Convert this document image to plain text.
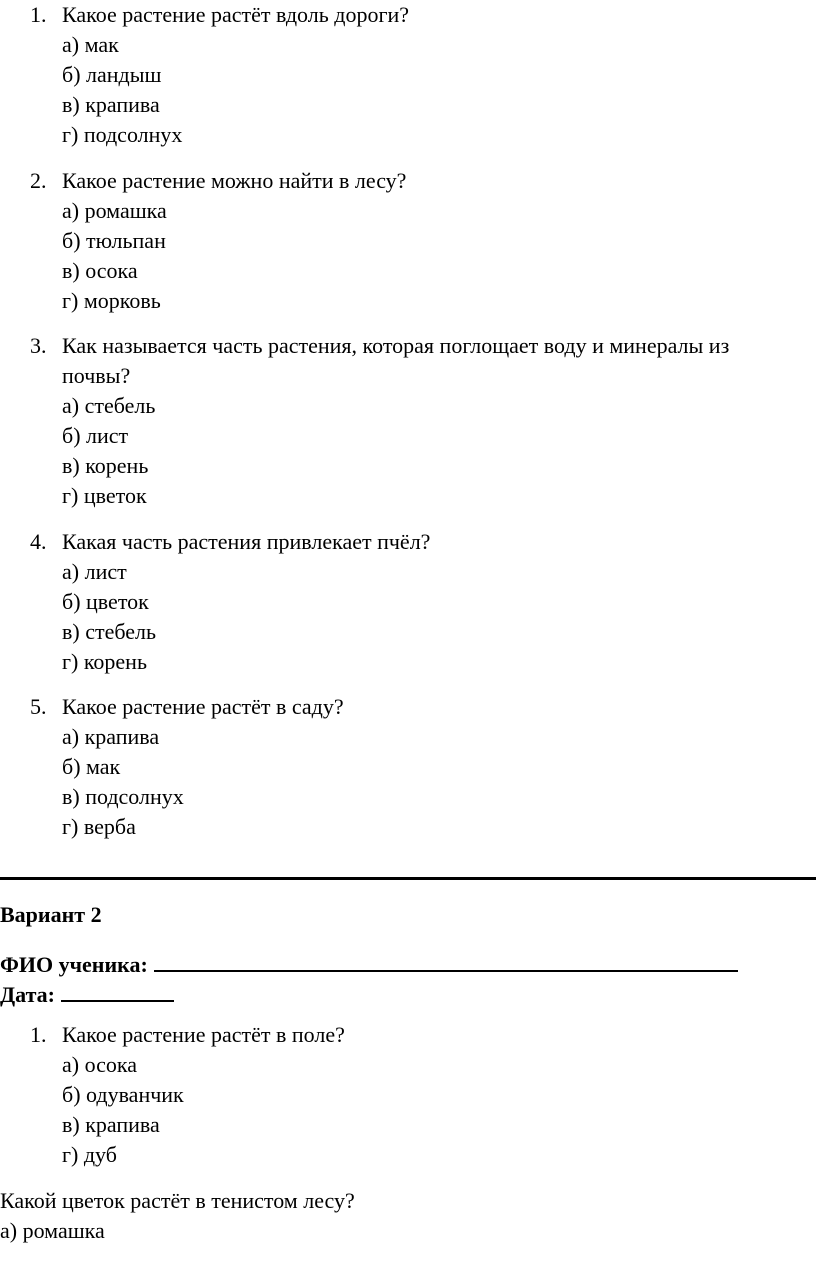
1. Какое растение растёт вдоль дороги?
а) мак
б) ландыш
в) крапива
г) подсолнух
2. Какое растение можно найти в лесу?
а) ромашка
б) тюльпан
в) осока
г) морковь
3. Как называется часть растения, которая поглощает воду и минералы из
почвы?
а) стебель
б) лист
в) корень
г) цветок
4. Какая часть растения привлекает пчёл?
а) лист
б) цветок
в) стебель
г) корень
5. Какое растение растёт в саду?
а) крапива
б) мак
в) подсолнух
г) верба
Вариант 2
ФИО ученика:
Дата:
1. Какое растение растёт в поле?
а) осока
б) одуванчик
в) крапива
г) дуб
Какой цветок растёт в тенистом лесу?
а) ромашка
